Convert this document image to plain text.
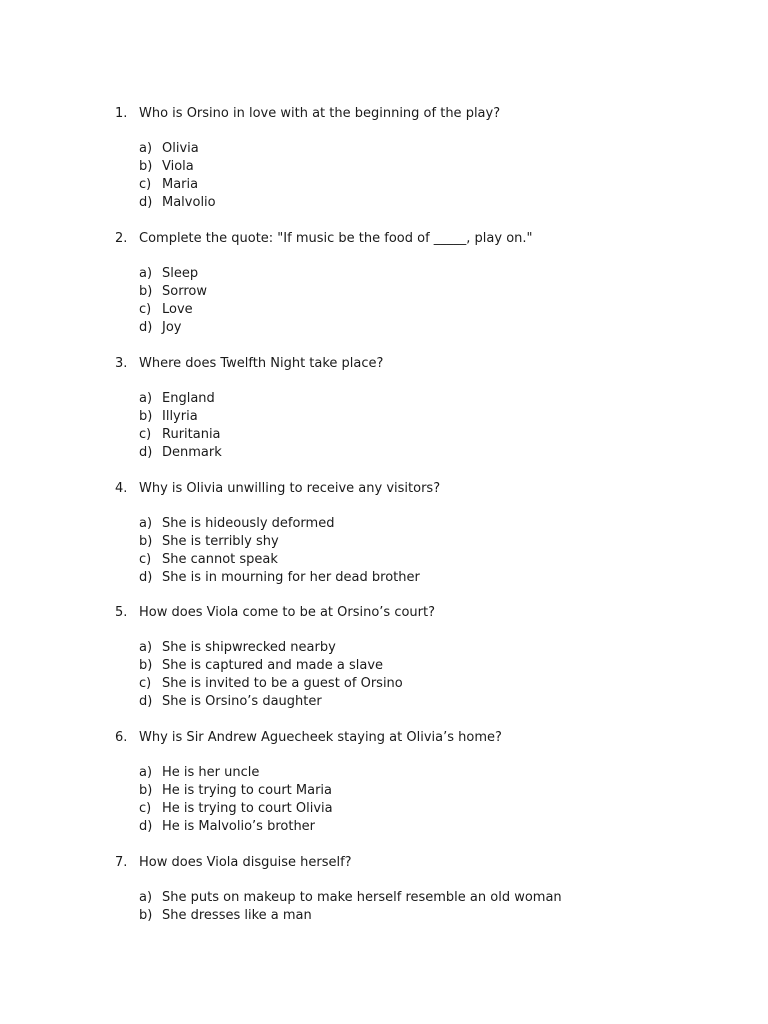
1. Who is Orsino in love with at the beginning of the play?
a) Olivia
b) Viola
c) Maria
d) Malvolio
2. Complete the quote: "If music be the food of _____, play on."
a) Sleep
b) Sorrow
c) Love
d) Joy
3. Where does Twelfth Night take place?
a) England
b) Illyria
c) Ruritania
d) Denmark
4. Why is Olivia unwilling to receive any visitors?
a) She is hideously deformed
b) She is terribly shy
c) She cannot speak
d) She is in mourning for her dead brother
5. How does Viola come to be at Orsino’s court?
a) She is shipwrecked nearby
b) She is captured and made a slave
c) She is invited to be a guest of Orsino
d) She is Orsino’s daughter
6. Why is Sir Andrew Aguecheek staying at Olivia’s home?
a) He is her uncle
b) He is trying to court Maria
c) He is trying to court Olivia
d) He is Malvolio’s brother
7. How does Viola disguise herself?
a) She puts on makeup to make herself resemble an old woman
b) She dresses like a man
